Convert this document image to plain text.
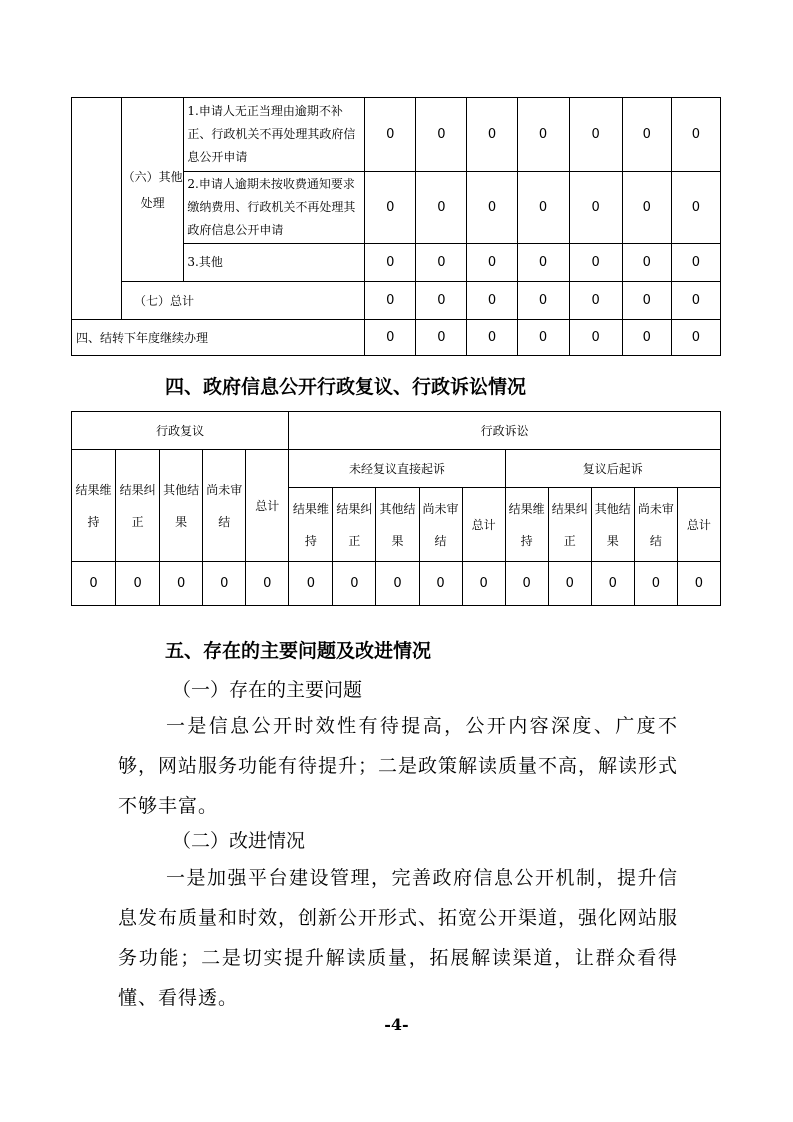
	（六）其他处理	1.申请人无正当理由逾期不补正、行政机关不再处理其政府信息公开申请	0	0	0	0	0	0	0
		2.申请人逾期未按收费通知要求缴纳费用、行政机关不再处理其政府信息公开申请	0	0	0	0	0	0	0
		3.其他	0	0	0	0	0	0	0
	（七）总计		0	0	0	0	0	0	0
四、结转下年度继续办理			0	0	0	0	0	0	0
四、政府信息公开行政复议、行政诉讼情况
行政复议					行政诉讼									
结果维持	结果纠正	其他结果	尚未审结	总计	未经复议直接起诉					复议后起诉				
					结果维持	结果纠正	其他结果	尚未审结	总计	结果维持	结果纠正	其他结果	尚未审结	总计
0	0	0	0	0	0	0	0	0	0	0	0	0	0	0
五、存在的主要问题及改进情况

（一）存在的主要问题

一是信息公开时效性有待提高，公开内容深度、广度不够，网站服务功能有待提升；二是政策解读质量不高，解读形式不够丰富。

（二）改进情况

一是加强平台建设管理，完善政府信息公开机制，提升信息发布质量和时效，创新公开形式、拓宽公开渠道，强化网站服务功能；二是切实提升解读质量，拓展解读渠道，让群众看得懂、看得透。

-4-
